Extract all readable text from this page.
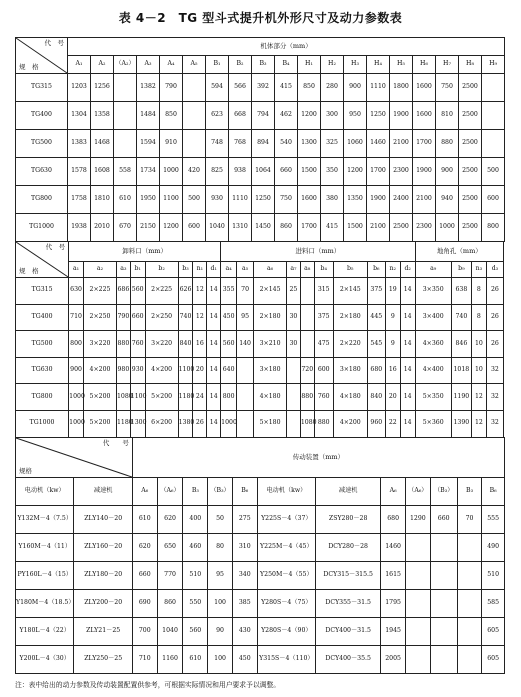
表 4－2　TG 型斗式提升机外形尺寸及动力参数表
代　号
规　格	机体部分（mm）																		
	A₁	A₂	（A₂）	A₃	A₄	A₅	B₁	B₂	B₃	B₄	H₁	H₂	H₃	H₄	H₅	H₆	H₇	H₈	H₉
TG315	1203	1256		1382	790		594	566	392	415	850	280	900	1110	1800	1600	750	2500	
TG400	1304	1358		1484	850		623	668	794	462	1200	300	950	1250	1900	1600	810	2500	
TG500	1383	1468		1594	910		748	768	894	540	1300	325	1060	1460	2100	1700	880	2500	
TG630	1578	1608	558	1734	1000	420	825	938	1064	660	1500	350	1200	1700	2300	1900	900	2500	500
TG800	1758	1810	610	1950	1100	500	930	1110	1250	750	1600	380	1350	1900	2400	2100	940	2500	600
TG1000	1938	2010	670	2150	1200	600	1040	1310	1450	860	1700	415	1500	2100	2500	2300	1000	2500	800
代　号
规　格	卸料口（mm）								进料口（mm）										地角孔（mm）			
	a₁	a₂	a₃	b₁	b₂	b₃	n₁	d₁	a₄	a₅	a₆	a₇	a₈	b₄	b₅	b₆	n₂	d₂	a₉	b₉	n₃	d₃
TG315	630	2×225	686	560	2×225	626	12	14	355	70	2×145	25		315	2×145	375	19	14	3×350	638	8	26
TG400	710	2×250	790	660	2×250	740	12	14	450	95	2×180	30		375	2×180	445	9	14	3×400	740	8	26
TG500	800	3×220	880	760	3×220	840	16	14	560	140	3×210	30		475	2×220	545	9	14	4×360	846	10	26
TG630	900	4×200	980	930	4×200	1100	20	14	640		3×180		720	600	3×180	680	16	14	4×400	1018	10	32
TG800	1000	5×200	1080	1100	5×200	1180	24	14	800		4×180		880	760	4×180	840	20	14	5×350	1190	12	32
TG1000	1000	5×200	1180	1300	6×200	1380	26	14	1000		5×180		1080	880	4×200	960	22	14	5×360	1390	12	32
代　　号
规格		传动装置（mm）											
电动机（kw）	减速机	A₆	（A₆）	B₃	（B₃）	B₆	电动机（kw）	减速机	A₆	（A₆）	（B₃）	B₃	B₆
Y132M－4（7.5）	ZLY140－20	610	620	400	50	275	Y225S－4（37）	ZSY280－28	680	1290	660	70	555
Y160M－4（11）	ZLY160－20	620	650	460	80	310	Y225M－4（45）	DCY280－28	1460				490
PY160L－4（15）	ZLY180－20	660	770	510	95	340	Y250M－4（55）	DCY315－315.5	1615				510
Y180M－4（18.5）	ZLY200－20	690	860	550	100	385	Y280S－4（75）	DCY355－31.5	1795				585
Y180L－4（22）	ZLY21－25	700	1040	560	90	430	Y280S－4（90）	DCY400－31.5	1945				605
Y200L－4（30）	ZLY250－25	710	1160	610	100	450	Y315S－4（110）	DCY400－35.5	2005				605
注：表中给出的动力参数及传动装置配置供参考，可根据实际情况和用户要求予以调整。
